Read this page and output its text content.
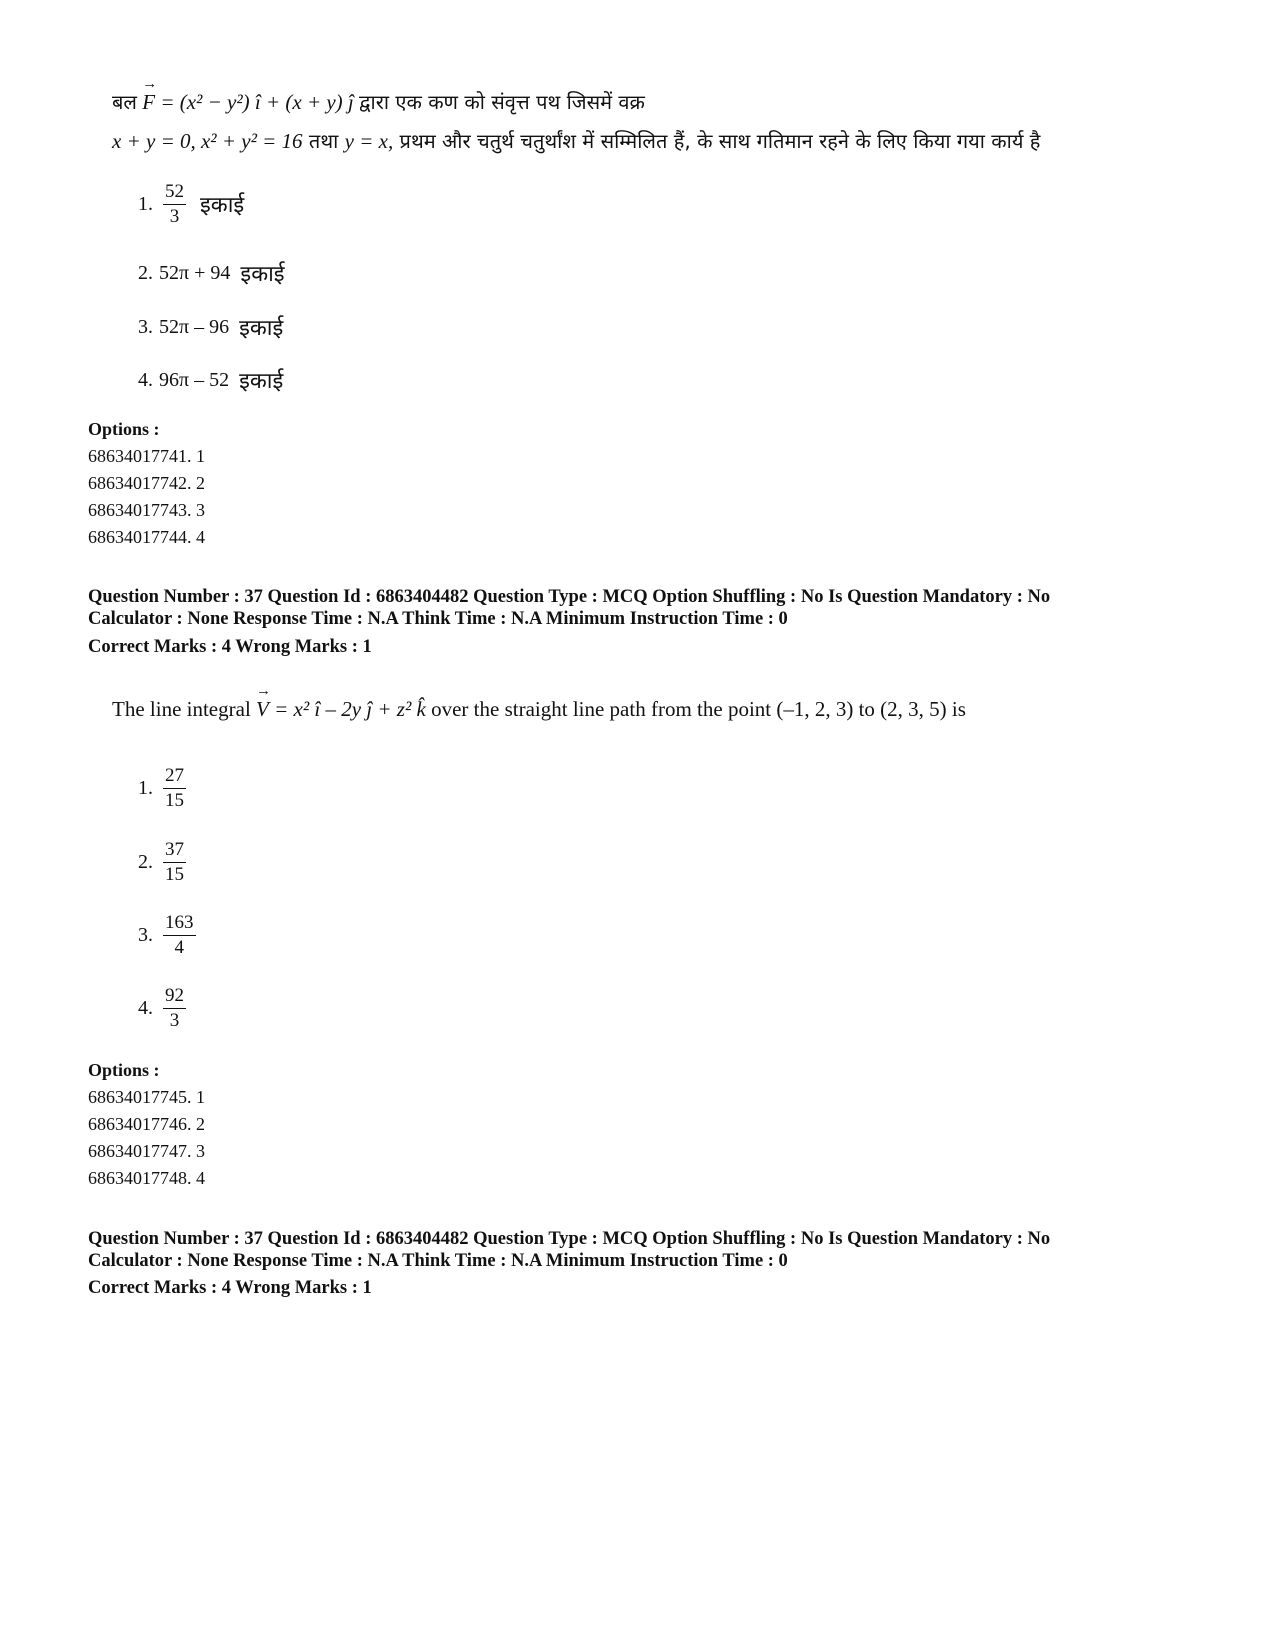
बल → F = (x² − y²) î + (x + y) ĵ द्वारा एक कण को संवृत्त पथ जिसमें वक्र
x + y = 0, x² + y² = 16 तथा y = x, प्रथम और चतुर्थ चतुर्थांश में सम्मिलित हैं, के साथ गतिमान रहने के लिए किया गया कार्य है
1. $\frac{52}{3}$ इकाई
2. 52π + 94 इकाई
3. 52π – 96 इकाई
4. 96π – 52 इकाई
Options :
68634017741. 1
68634017742. 2
68634017743. 3
68634017744. 4
Question Number : 37 Question Id : 6863404482 Question Type : MCQ Option Shuffling : No Is Question Mandatory : No
Calculator : None Response Time : N.A Think Time : N.A Minimum Instruction Time : 0
Correct Marks : 4 Wrong Marks : 1
The line integral → V = x² î – 2y ĵ + z² k̂ over the straight line path from the point (–1, 2, 3) to (2, 3, 5) is
1. $\frac{27}{15}$
2. $\frac{37}{15}$
3. $\frac{163}{4}$
4. $\frac{92}{3}$
Options :
68634017745. 1
68634017746. 2
68634017747. 3
68634017748. 4
Question Number : 37 Question Id : 6863404482 Question Type : MCQ Option Shuffling : No Is Question Mandatory : No
Calculator : None Response Time : N.A Think Time : N.A Minimum Instruction Time : 0
Correct Marks : 4 Wrong Marks : 1
